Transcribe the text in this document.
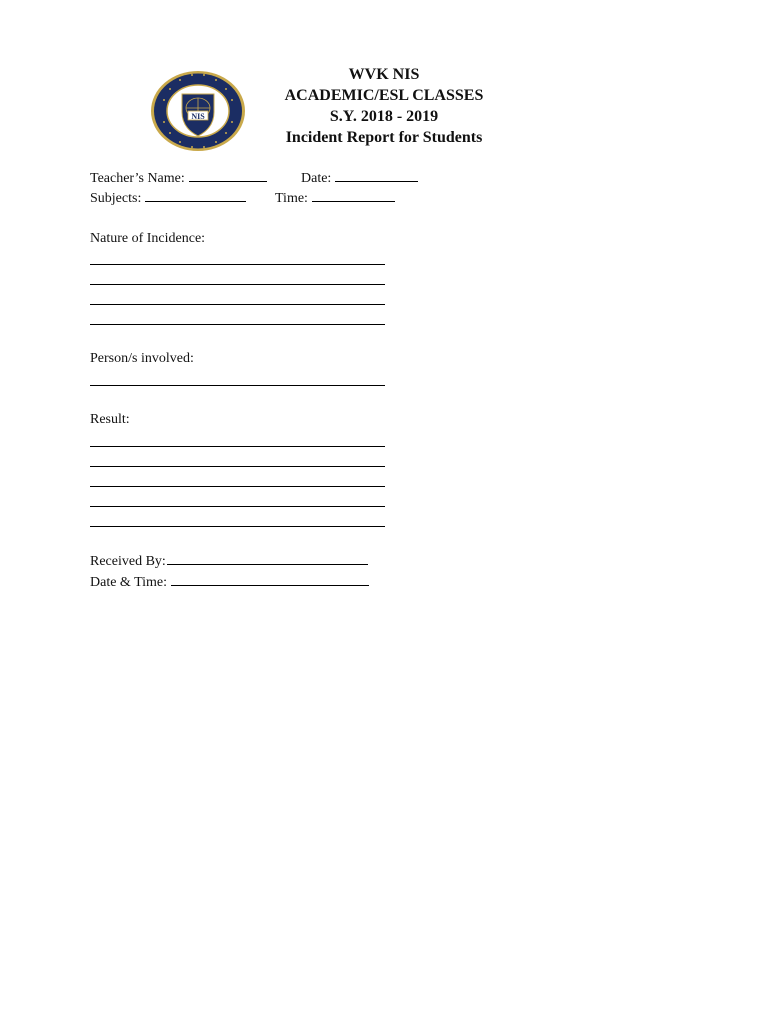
NIS
WVK NIS
ACADEMIC/ESL CLASSES
S.Y. 2018 - 2019
Incident Report for Students
Teacher’s Name:	Date:
Subjects:	Time:
Nature of Incidence:
Person/s involved:
Result:
Received By:
Date & Time:
